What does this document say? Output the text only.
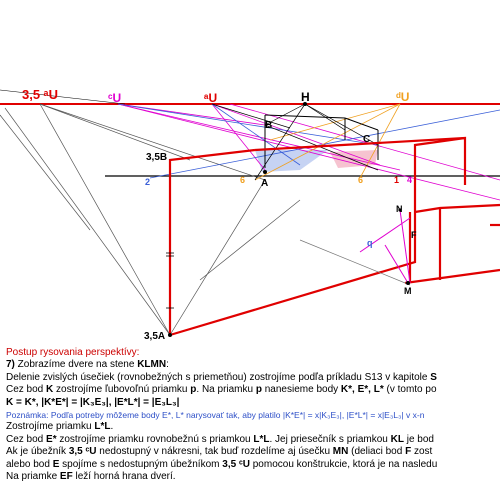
3,5 ᵃU	ᶜU	ᵃU	H	ᵈU
B
C
3,5B
A
3,5A
2	6	6	1 4
N
F
q
M
Postup rysovania perspektívy:
7) Zobrazíme dvere na stene KLMN:
Delenie zvislých úsečiek (rovnobežných s priemetňou) zostrojíme podľa príkladu S13 v kapitole S
Cez bod K zostrojíme ľubovoľnú priamku p. Na priamku p nanesieme body K*, E*, L* (v tomto po
K = K*, |K*E*| = |K₃E₃|, |E*L*| = |E₃L₃|
Poznámka: Podľa potreby môžeme body E*, L* narysovať tak, aby platilo |K*E*| = x|K₃E₃|, |E*L*| = x|E₃L₃| v x-n
Zostrojíme priamku L*L.
Cez bod E* zostrojíme priamku rovnobežnú s priamkou L*L. Jej priesečník s priamkou KL je bod
Ak je úbežník 3,5 ᶜU nedostupný v nákresni, tak buď rozdelíme aj úsečku MN (deliaci bod F zost
alebo bod E spojíme s nedostupným úbežníkom 3,5 ᶜU pomocou konštrukcie, ktorá je na nasledu
Na priamke EF leží horná hrana dverí.
